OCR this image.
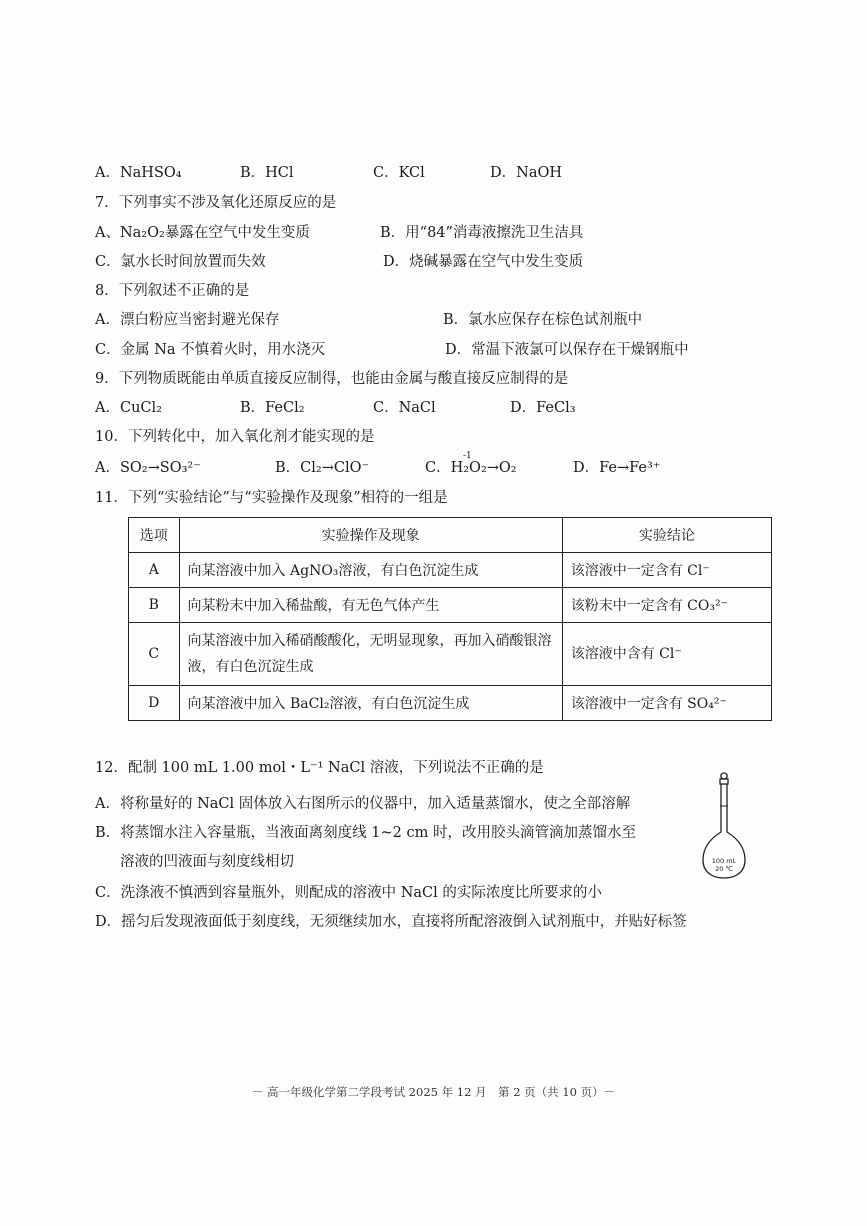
A．NaHSO₄	B．HCl	C．KCl	D．NaOH
7．下列事实不涉及氧化还原反应的是
A、Na₂O₂暴露在空气中发生变质	B．用“84”消毒液擦洗卫生洁具
C．氯水长时间放置而失效	D．烧碱暴露在空气中发生变质
8．下列叙述不正确的是
A．漂白粉应当密封避光保存	B．氯水应保存在棕色试剂瓶中
C．金属 Na 不慎着火时，用水浇灭	D．常温下液氯可以保存在干燥钢瓶中
9．下列物质既能由单质直接反应制得，也能由金属与酸直接反应制得的是
A．CuCl₂	B．FeCl₂	C．NaCl	D．FeCl₃
10．下列转化中，加入氧化剂才能实现的是
A．SO₂→SO₃²⁻	B．Cl₂→ClO⁻	C．H₂O₂→O₂
-1
D．Fe→Fe³⁺
11．下列“实验结论”与“实验操作及现象”相符的一组是
选项	实验操作及现象	实验结论
A	向某溶液中加入 AgNO₃溶液，有白色沉淀生成	该溶液中一定含有 Cl⁻
B	向某粉末中加入稀盐酸，有无色气体产生	该粉末中一定含有 CO₃²⁻
C	向某溶液中加入稀硝酸酸化，无明显现象，再加入硝酸银溶液，有白色沉淀生成	该溶液中含有 Cl⁻
D	向某溶液中加入 BaCl₂溶液，有白色沉淀生成	该溶液中一定含有 SO₄²⁻
12．配制 100 mL 1.00 mol・L⁻¹ NaCl 溶液，下列说法不正确的是
A．将称量好的 NaCl 固体放入右图所示的仪器中，加入适量蒸馏水，使之全部溶解
B．将蒸馏水注入容量瓶，当液面离刻度线 1~2 cm 时，改用胶头滴管滴加蒸馏水至
溶液的凹液面与刻度线相切
C．洗涤液不慎洒到容量瓶外，则配成的溶液中 NaCl 的实际浓度比所要求的小
D．摇匀后发现液面低于刻度线，无须继续加水，直接将所配溶液倒入试剂瓶中，并贴好标签
100 mL
20 ℃
－ 高一年级化学第二学段考试 2025 年 12 月　第 2 页（共 10 页）－
